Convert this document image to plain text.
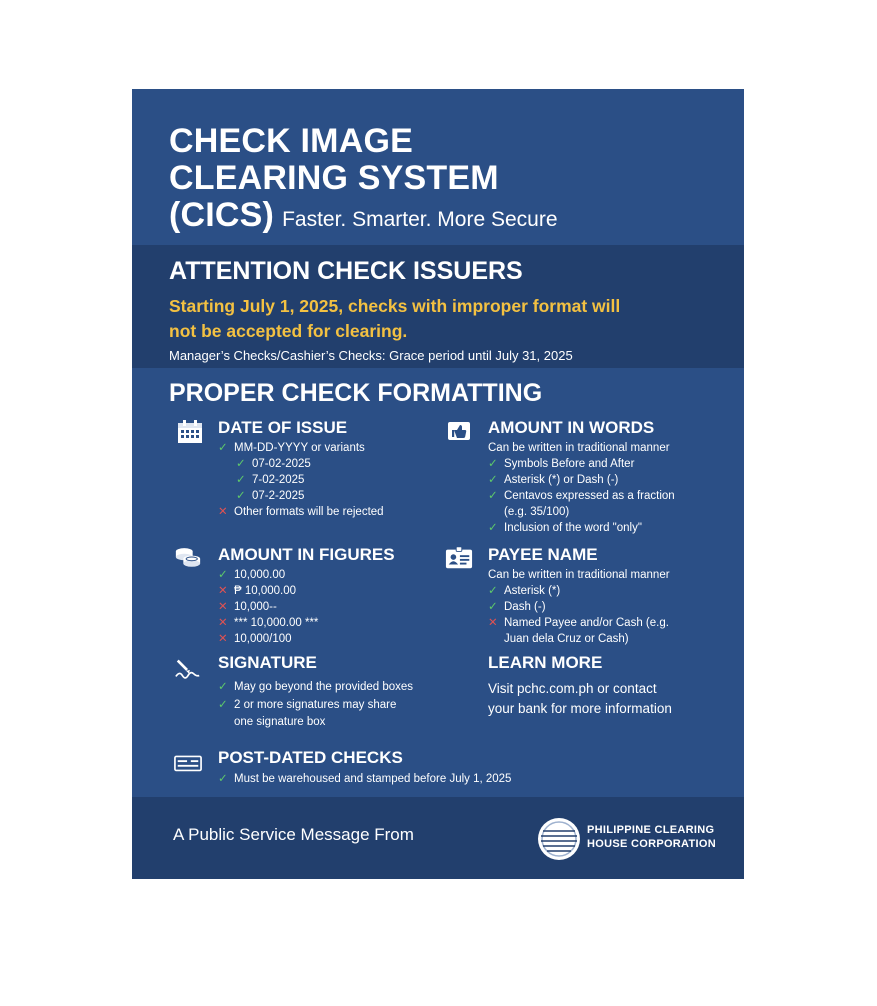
CHECK IMAGE
CLEARING SYSTEM
(CICS) Faster. Smarter. More Secure
ATTENTION CHECK ISSUERS
Starting July 1, 2025, checks with improper format will
not be accepted for clearing.
Manager’s Checks/Cashier’s Checks: Grace period until July 31, 2025
PROPER CHECK FORMATTING
DATE OF ISSUE
✓ MM-DD-YYYY or variants
✓ 07-02-2025
✓ 7-02-2025
✓ 07-2-2025
✕ Other formats will be rejected
AMOUNT IN WORDS
Can be written in traditional manner
✓ Symbols Before and After
✓ Asterisk (*) or Dash (-)
✓ Centavos expressed as a fraction
(e.g. 35/100)
✓ Inclusion of the word "only"
AMOUNT IN FIGURES
✓ 10,000.00
✕ ₱ 10,000.00
✕ 10,000--
✕ *** 10,000.00 ***
✕ 10,000/100
PAYEE NAME
Can be written in traditional manner
✓ Asterisk (*)
✓ Dash (-)
✕ Named Payee and/or Cash (e.g.
Juan dela Cruz or Cash)
SIGNATURE
✓ May go beyond the provided boxes
✓ 2 or more signatures may share
one signature box
LEARN MORE
Visit pchc.com.ph or contact
your bank for more information
POST-DATED CHECKS
✓ Must be warehoused and stamped before July 1, 2025
A Public Service Message From	PHILIPPINE CLEARING
HOUSE CORPORATION
